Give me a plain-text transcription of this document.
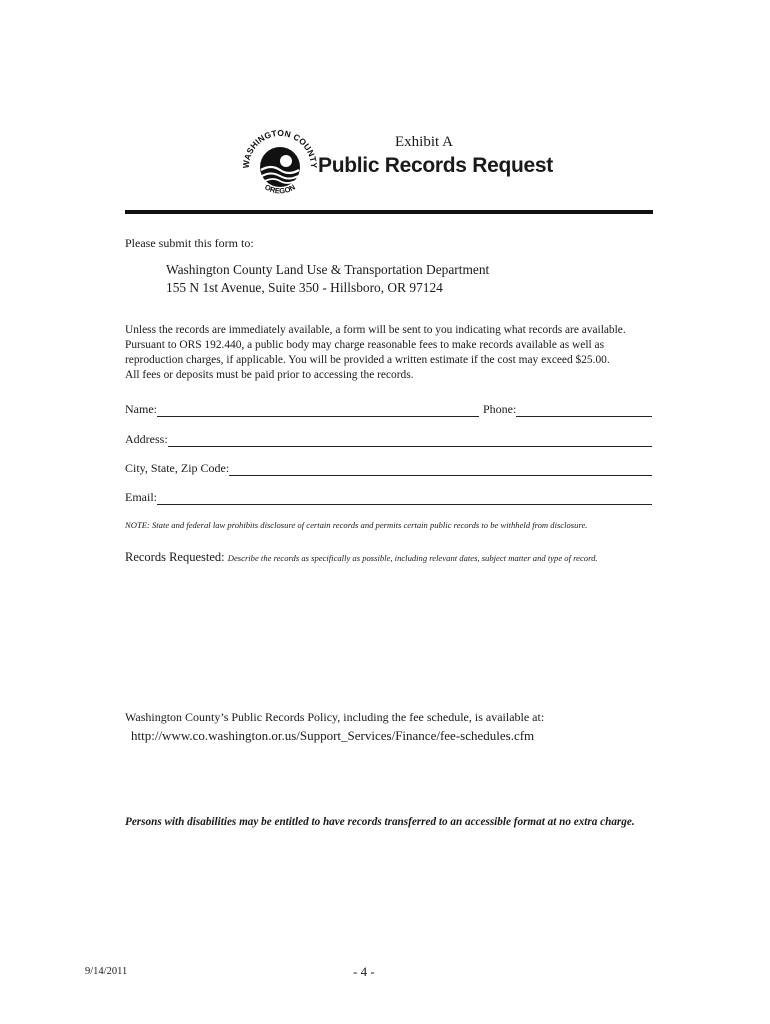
WASHINGTON COUNTY
OREGON
Exhibit A
Public Records Request
Please submit this form to:
Washington County Land Use & Transportation Department
155 N 1st Avenue, Suite 350 - Hillsboro, OR 97124
Unless the records are immediately available, a form will be sent to you indicating what records are available.
Pursuant to ORS 192.440, a public body may charge reasonable fees to make records available as well as
reproduction charges, if applicable. You will be provided a written estimate if the cost may exceed $25.00.
All fees or deposits must be paid prior to accessing the records.
Name:	Phone:
Address:
City, State, Zip Code:
Email:
NOTE: State and federal law prohibits disclosure of certain records and permits certain public records to be withheld from disclosure.
Records Requested: Describe the records as specifically as possible, including relevant dates, subject matter and type of record.
Washington County’s Public Records Policy, including the fee schedule, is available at:
http://www.co.washington.or.us/Support_Services/Finance/fee-schedules.cfm
Persons with disabilities may be entitled to have records transferred to an accessible format at no extra charge.
9/14/2011	- 4 -
